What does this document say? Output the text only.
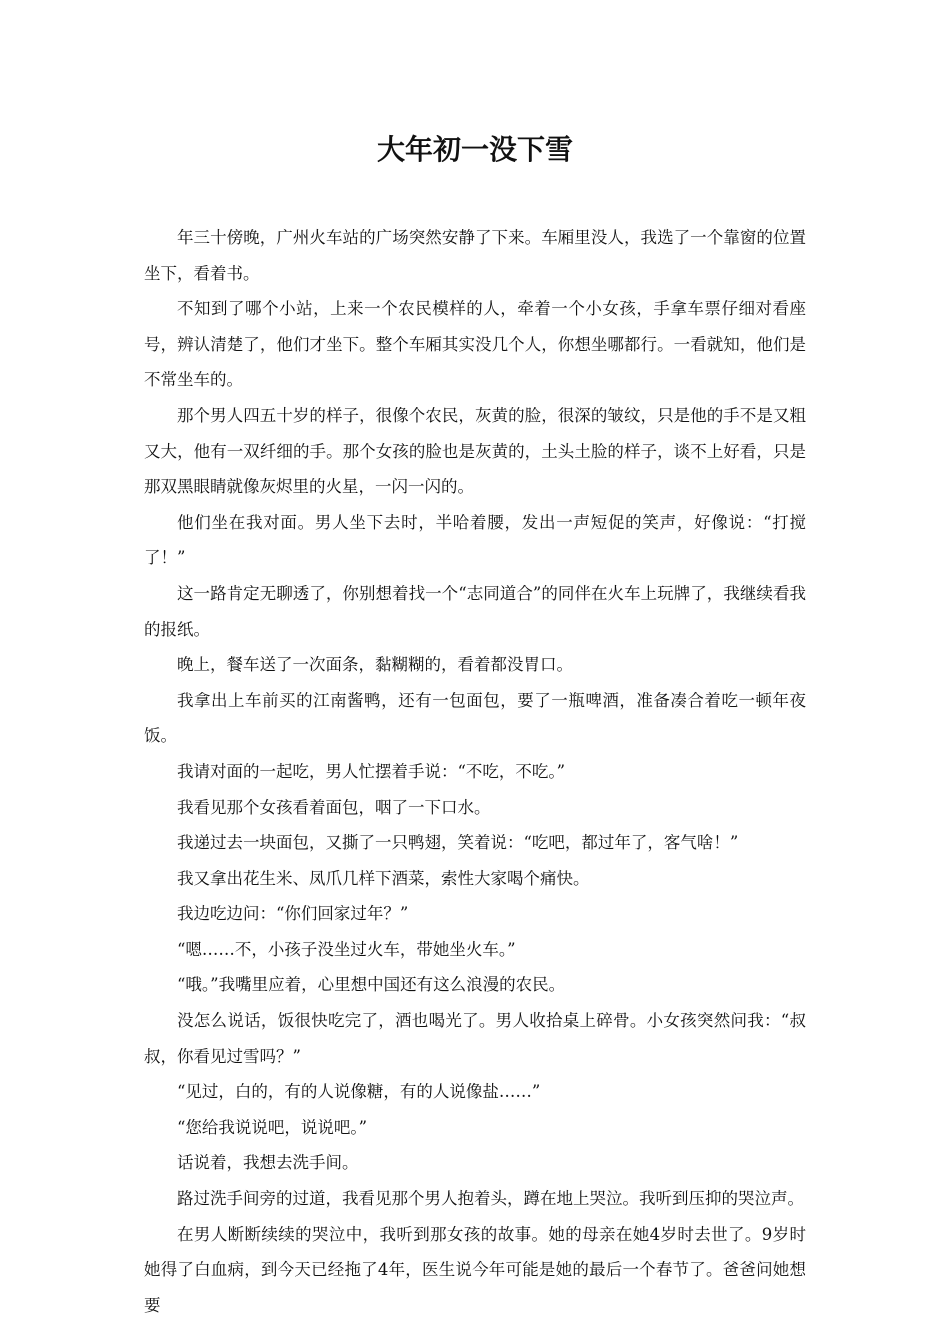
大年初一没下雪

年三十傍晚，广州火车站的广场突然安静了下来。车厢里没人，我选了一个靠窗的位置坐下，看着书。

不知到了哪个小站，上来一个农民模样的人，牵着一个小女孩，手拿车票仔细对看座号，辨认清楚了，他们才坐下。整个车厢其实没几个人，你想坐哪都行。一看就知，他们是不常坐车的。

那个男人四五十岁的样子，很像个农民，灰黄的脸，很深的皱纹，只是他的手不是又粗又大，他有一双纤细的手。那个女孩的脸也是灰黄的，土头土脸的样子，谈不上好看，只是那双黑眼睛就像灰烬里的火星，一闪一闪的。

他们坐在我对面。男人坐下去时，半哈着腰，发出一声短促的笑声，好像说：“打搅了！”

这一路肯定无聊透了，你别想着找一个“志同道合”的同伴在火车上玩牌了，我继续看我的报纸。

晚上，餐车送了一次面条，黏糊糊的，看着都没胃口。

我拿出上车前买的江南酱鸭，还有一包面包，要了一瓶啤酒，准备凑合着吃一顿年夜饭。

我请对面的一起吃，男人忙摆着手说：“不吃，不吃。”

我看见那个女孩看着面包，咽了一下口水。

我递过去一块面包，又撕了一只鸭翅，笑着说：“吃吧，都过年了，客气啥！”

我又拿出花生米、凤爪几样下酒菜，索性大家喝个痛快。

我边吃边问：“你们回家过年？”

“嗯……不，小孩子没坐过火车，带她坐火车。”

“哦。”我嘴里应着，心里想中国还有这么浪漫的农民。

没怎么说话，饭很快吃完了，酒也喝光了。男人收拾桌上碎骨。小女孩突然问我：“叔叔，你看见过雪吗？”

“见过，白的，有的人说像糖，有的人说像盐……”

“您给我说说吧，说说吧。”

话说着，我想去洗手间。

路过洗手间旁的过道，我看见那个男人抱着头，蹲在地上哭泣。我听到压抑的哭泣声。

在男人断断续续的哭泣中，我听到那女孩的故事。她的母亲在她4岁时去世了。9岁时她得了白血病，到今天已经拖了4年，医生说今年可能是她的最后一个春节了。爸爸问她想要
